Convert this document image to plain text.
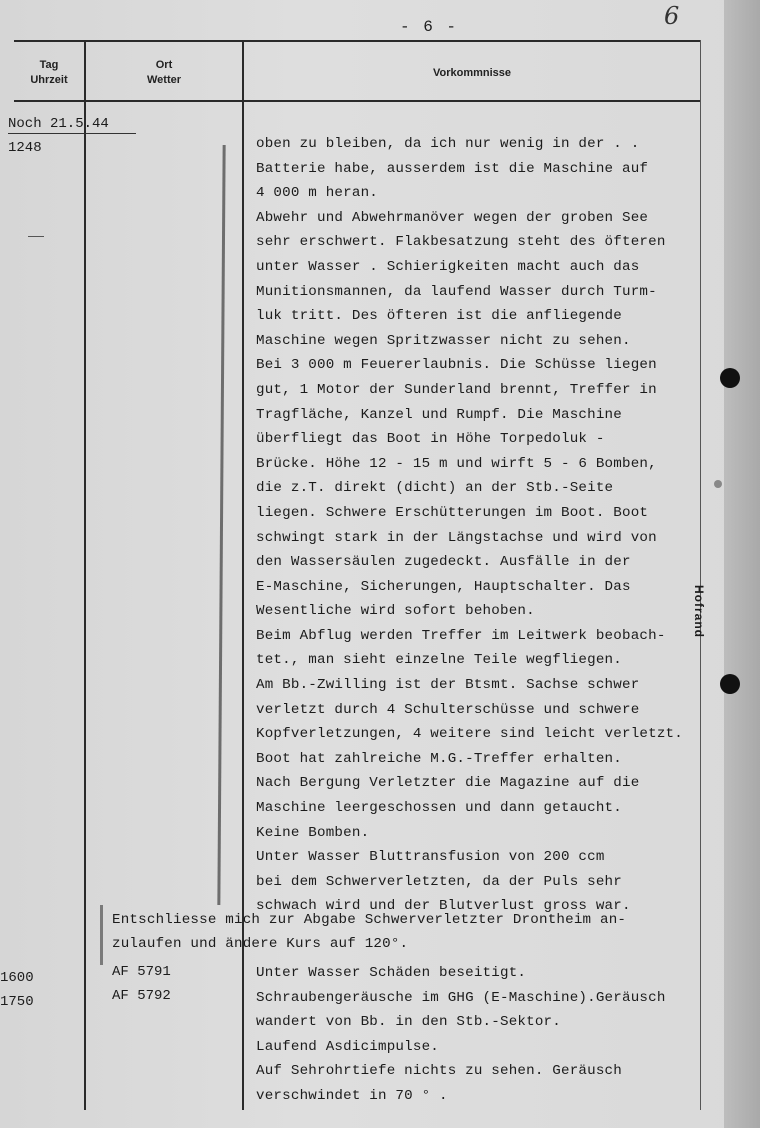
- 6 -	6
Tag
Uhrzeit
Ort
Wetter
Vorkommnisse
Noch 21.5.44
1248
1600
1750
AF 5791
AF 5792
oben zu bleiben, da ich nur wenig in der . .
Batterie habe, ausserdem ist die Maschine auf
4 000 m heran.
Abwehr und Abwehrmanöver wegen der groben See
sehr erschwert. Flakbesatzung steht des öfteren
unter Wasser . Schierigkeiten macht auch das
Munitionsmannen, da laufend Wasser durch Turm-
luk tritt. Des öfteren ist die anfliegende
Maschine wegen Spritzwasser nicht zu sehen.
Bei 3 000 m Feuererlaubnis. Die Schüsse liegen
gut, 1 Motor der Sunderland brennt, Treffer in
Tragfläche, Kanzel und Rumpf. Die Maschine
überfliegt das Boot in Höhe Torpedoluk -
Brücke. Höhe 12 - 15 m und wirft 5 - 6 Bomben,
die z.T. direkt (dicht) an der Stb.-Seite
liegen. Schwere Erschütterungen im Boot. Boot
schwingt stark in der Längstachse und wird von
den Wassersäulen zugedeckt. Ausfälle in der
E-Maschine, Sicherungen, Hauptschalter. Das
Wesentliche wird sofort behoben.
Beim Abflug werden Treffer im Leitwerk beobach-
tet., man sieht einzelne Teile wegfliegen.
Am Bb.-Zwilling ist der Btsmt. Sachse schwer
verletzt durch 4 Schulterschüsse und schwere
Kopfverletzungen, 4 weitere sind leicht verletzt.
Boot hat zahlreiche M.G.-Treffer erhalten.
Nach Bergung Verletzter die Magazine auf die
Maschine leergeschossen und dann getaucht.
Keine Bomben.
Unter Wasser Bluttransfusion von 200 ccm
bei dem Schwerverletzten, da der Puls sehr
schwach wird und der Blutverlust gross war.
Entschliesse mich zur Abgabe Schwerverletzter Drontheim an-
zulaufen und ändere Kurs auf 120°.
Unter Wasser Schäden beseitigt.
Schraubengeräusche im GHG (E-Maschine).Geräusch
wandert von Bb. in den Stb.-Sektor.
Laufend Asdicimpulse.
Auf Sehrohrtiefe nichts zu sehen. Geräusch
verschwindet in 70 ° .
Hofrand
